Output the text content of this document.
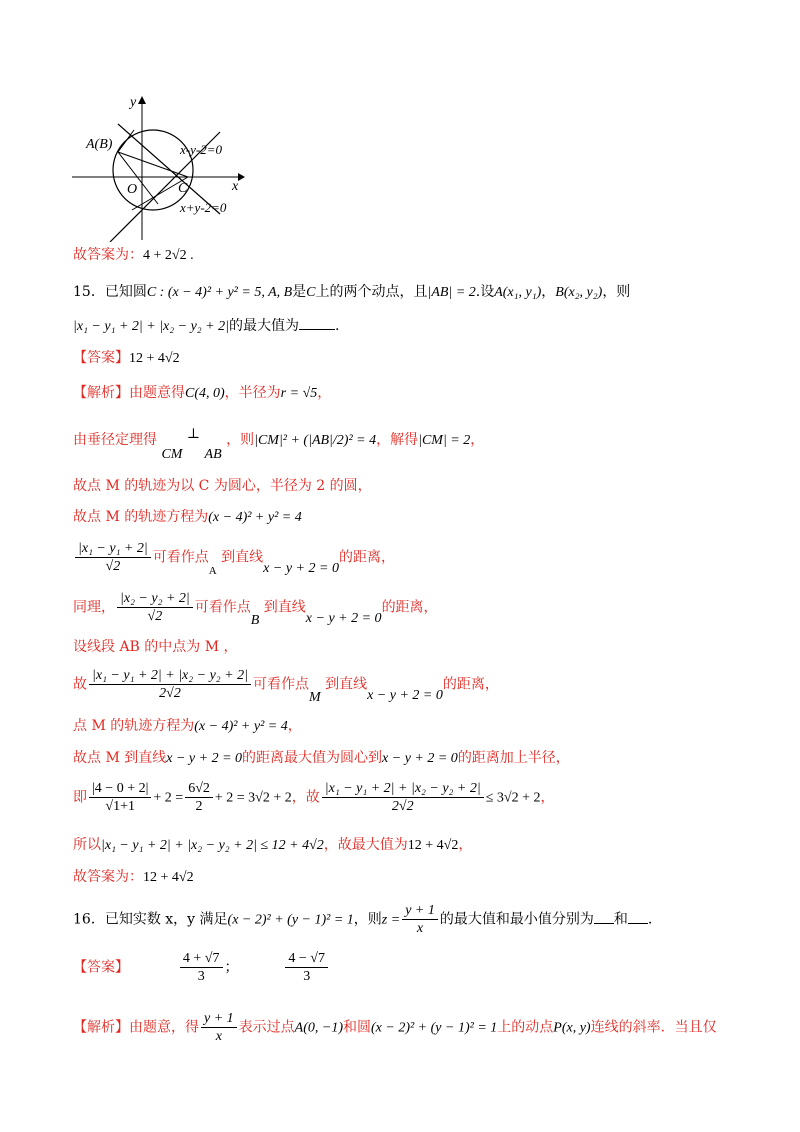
y
x
A(B)
O	C
x-y-2=0
x+y-2=0
故答案为：4 + 2√2 .
15．已知圆C : (x − 4)² + y² = 5, A, B是C上的两个动点，且|AB| = 2.设A(x₁, y₁)，B(x₂, y₂)，则
|x₁ − y₁ + 2| + |x₂ − y₂ + 2|的最大值为	.
【答案】12 + 4√2
【解析】由题意得C(4, 0)，半径为r = √5，
由垂径定理得 CM ⊥ AB ，则|CM|² + (|AB|/2)² = 4，解得|CM| = 2，
故点 M 的轨迹为以 C 为圆心，半径为 2 的圆，
故点 M 的轨迹方程为(x − 4)² + y² = 4
$\frac{\text{|x₁ − y₁ + 2|}}{√2}$ 可看作点$_A$ 到直线x − y + 2 = 0的距离，
同理， $\frac{\text{|x₂ − y₂ + 2|}}{√2}$ 可看作点B 到直线x − y + 2 = 0的距离，
设线段 AB 的中点为 M ，
故 $\frac{\text{|x₁ − y₁ + 2| + |x₂ − y₂ + 2|}}{2√2}$ 可看作点M 到直线x − y + 2 = 0的距离，
点 M 的轨迹方程为(x − 4)² + y² = 4，
故点 M 到直线x − y + 2 = 0的距离最大值为圆心到x − y + 2 = 0的距离加上半径，
即 $\frac{|4 - 0 + 2|}{√1+1} + 2 = \frac{6√2}{2} + 2 = 3√2 + 2$，故 $\frac{\text{|x₁ − y₁ + 2| + |x₂ − y₂ + 2|}}{2√2} \le 3√2 + 2$，
所以|x₁ − y₁ + 2| + |x₂ − y₂ + 2| ≤ 12 + 4√2，故最大值为12 + 4√2，
故答案为：12 + 4√2
16．已知实数 x，y 满足(x − 2)² + (y − 1)² = 1，则$z = \frac{y + 1}{x}$ 的最大值和最小值分别为 和 .
【答案】	$\frac{4 + √7}{3}$ ；	$\frac{4 - √7}{3}$
【解析】由题意，得 $\frac{y + 1}{x}$ 表示过点A(0, −1)和圆(x − 2)² + (y − 1)² = 1上的动点P(x, y)连线的斜率．当且仅
